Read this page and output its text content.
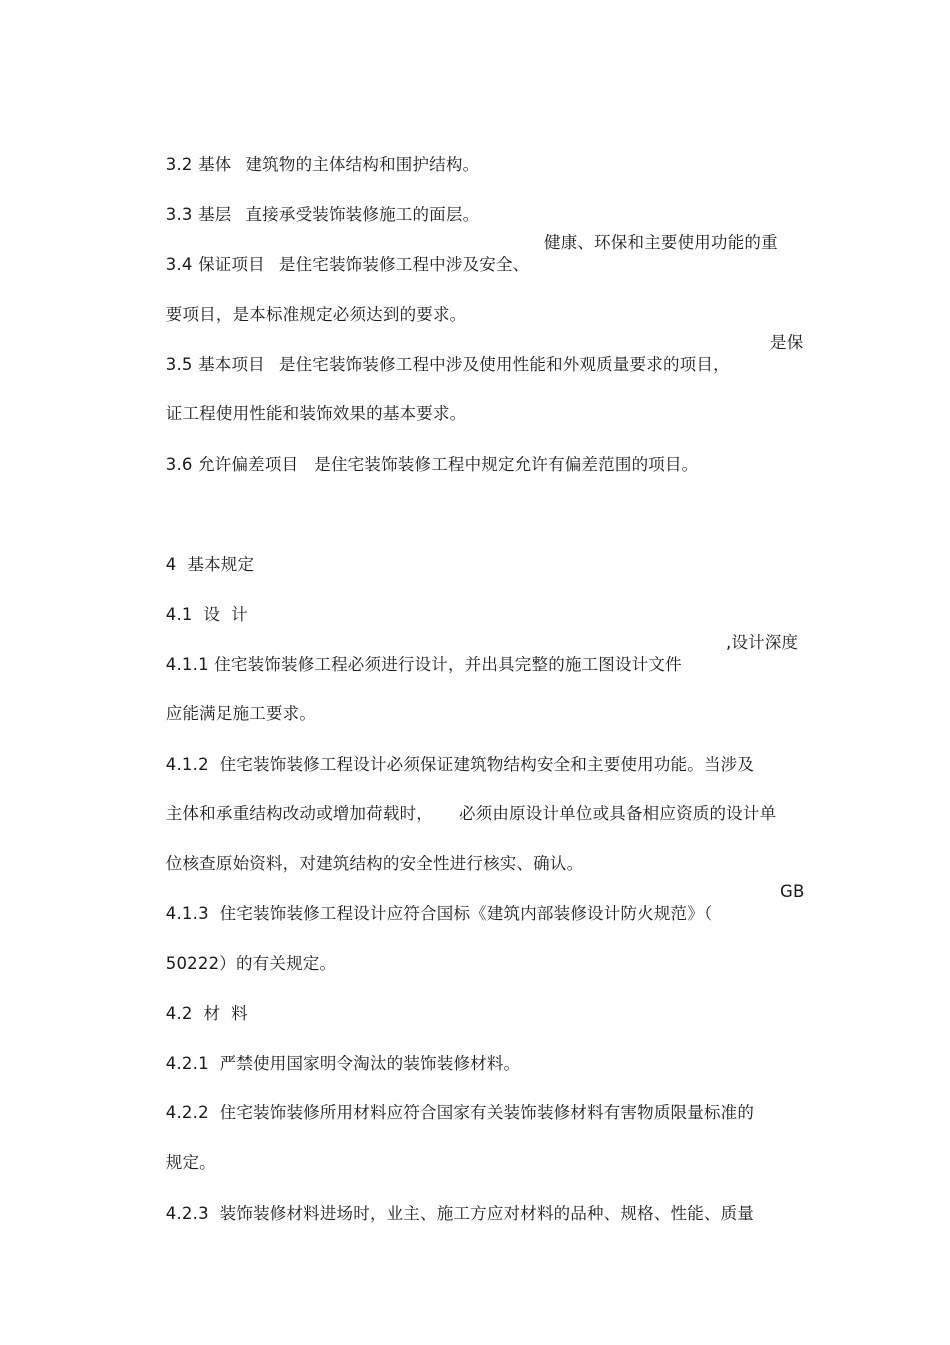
3.2 基体 建筑物的主体结构和围护结构。

3.3 基层 直接承受装饰装修施工的面层。

3.4 保证项目 是住宅装饰装修工程中涉及安全、

健康、环保和主要使用功能的重

要项目，是本标准规定必须达到的要求。

3.5 基本项目 是住宅装饰装修工程中涉及使用性能和外观质量要求的项目，

是保

证工程使用性能和装饰效果的基本要求。

3.6 允许偏差项目 是住宅装饰装修工程中规定允许有偏差范围的项目。

4  基本规定

4.1  设  计

4.1.1 住宅装饰装修工程必须进行设计，并出具完整的施工图设计文件

,设计深度

应能满足施工要求。

4.1.2  住宅装饰装修工程设计必须保证建筑物结构安全和主要使用功能。当涉及

主体和承重结构改动或增加荷载时， 必须由原设计单位或具备相应资质的设计单

位核查原始资料，对建筑结构的安全性进行核实、确认。

4.1.3  住宅装饰装修工程设计应符合国标《建筑内部装修设计防火规范》（

GB

50222）的有关规定。

4.2  材  料

4.2.1  严禁使用国家明令淘汰的装饰装修材料。

4.2.2  住宅装饰装修所用材料应符合国家有关装饰装修材料有害物质限量标准的

规定。

4.2.3  装饰装修材料进场时，业主、施工方应对材料的品种、规格、性能、质量
